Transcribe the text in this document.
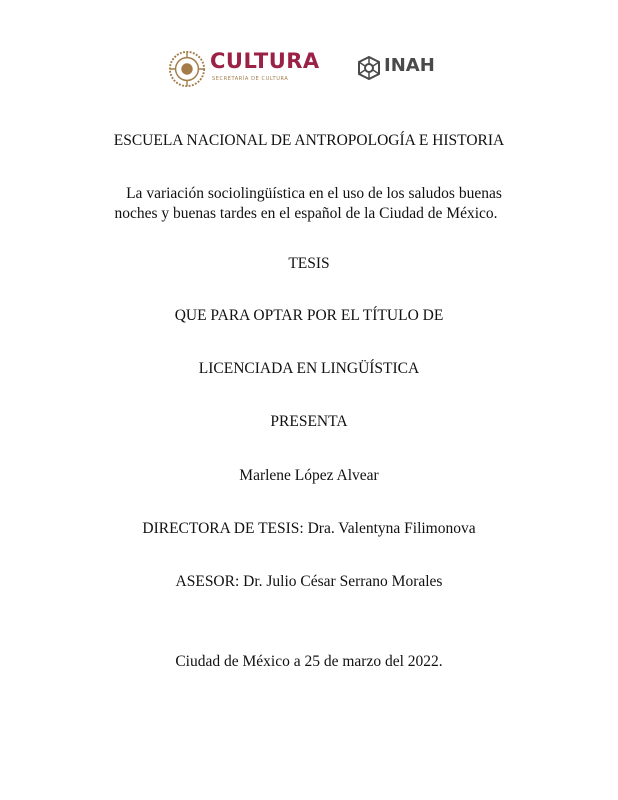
CULTURA
SECRETARÍA DE CULTURA
INAH
ESCUELA NACIONAL DE ANTROPOLOGÍA E HISTORIA
La variación sociolingüística en el uso de los saludos buenas
noches y buenas tardes en el español de la Ciudad de México.
TESIS
QUE PARA OPTAR POR EL TÍTULO DE
LICENCIADA EN LINGÜÍSTICA
PRESENTA
Marlene López Alvear
DIRECTORA DE TESIS: Dra. Valentyna Filimonova
ASESOR: Dr. Julio César Serrano Morales
Ciudad de México a 25 de marzo del 2022.
